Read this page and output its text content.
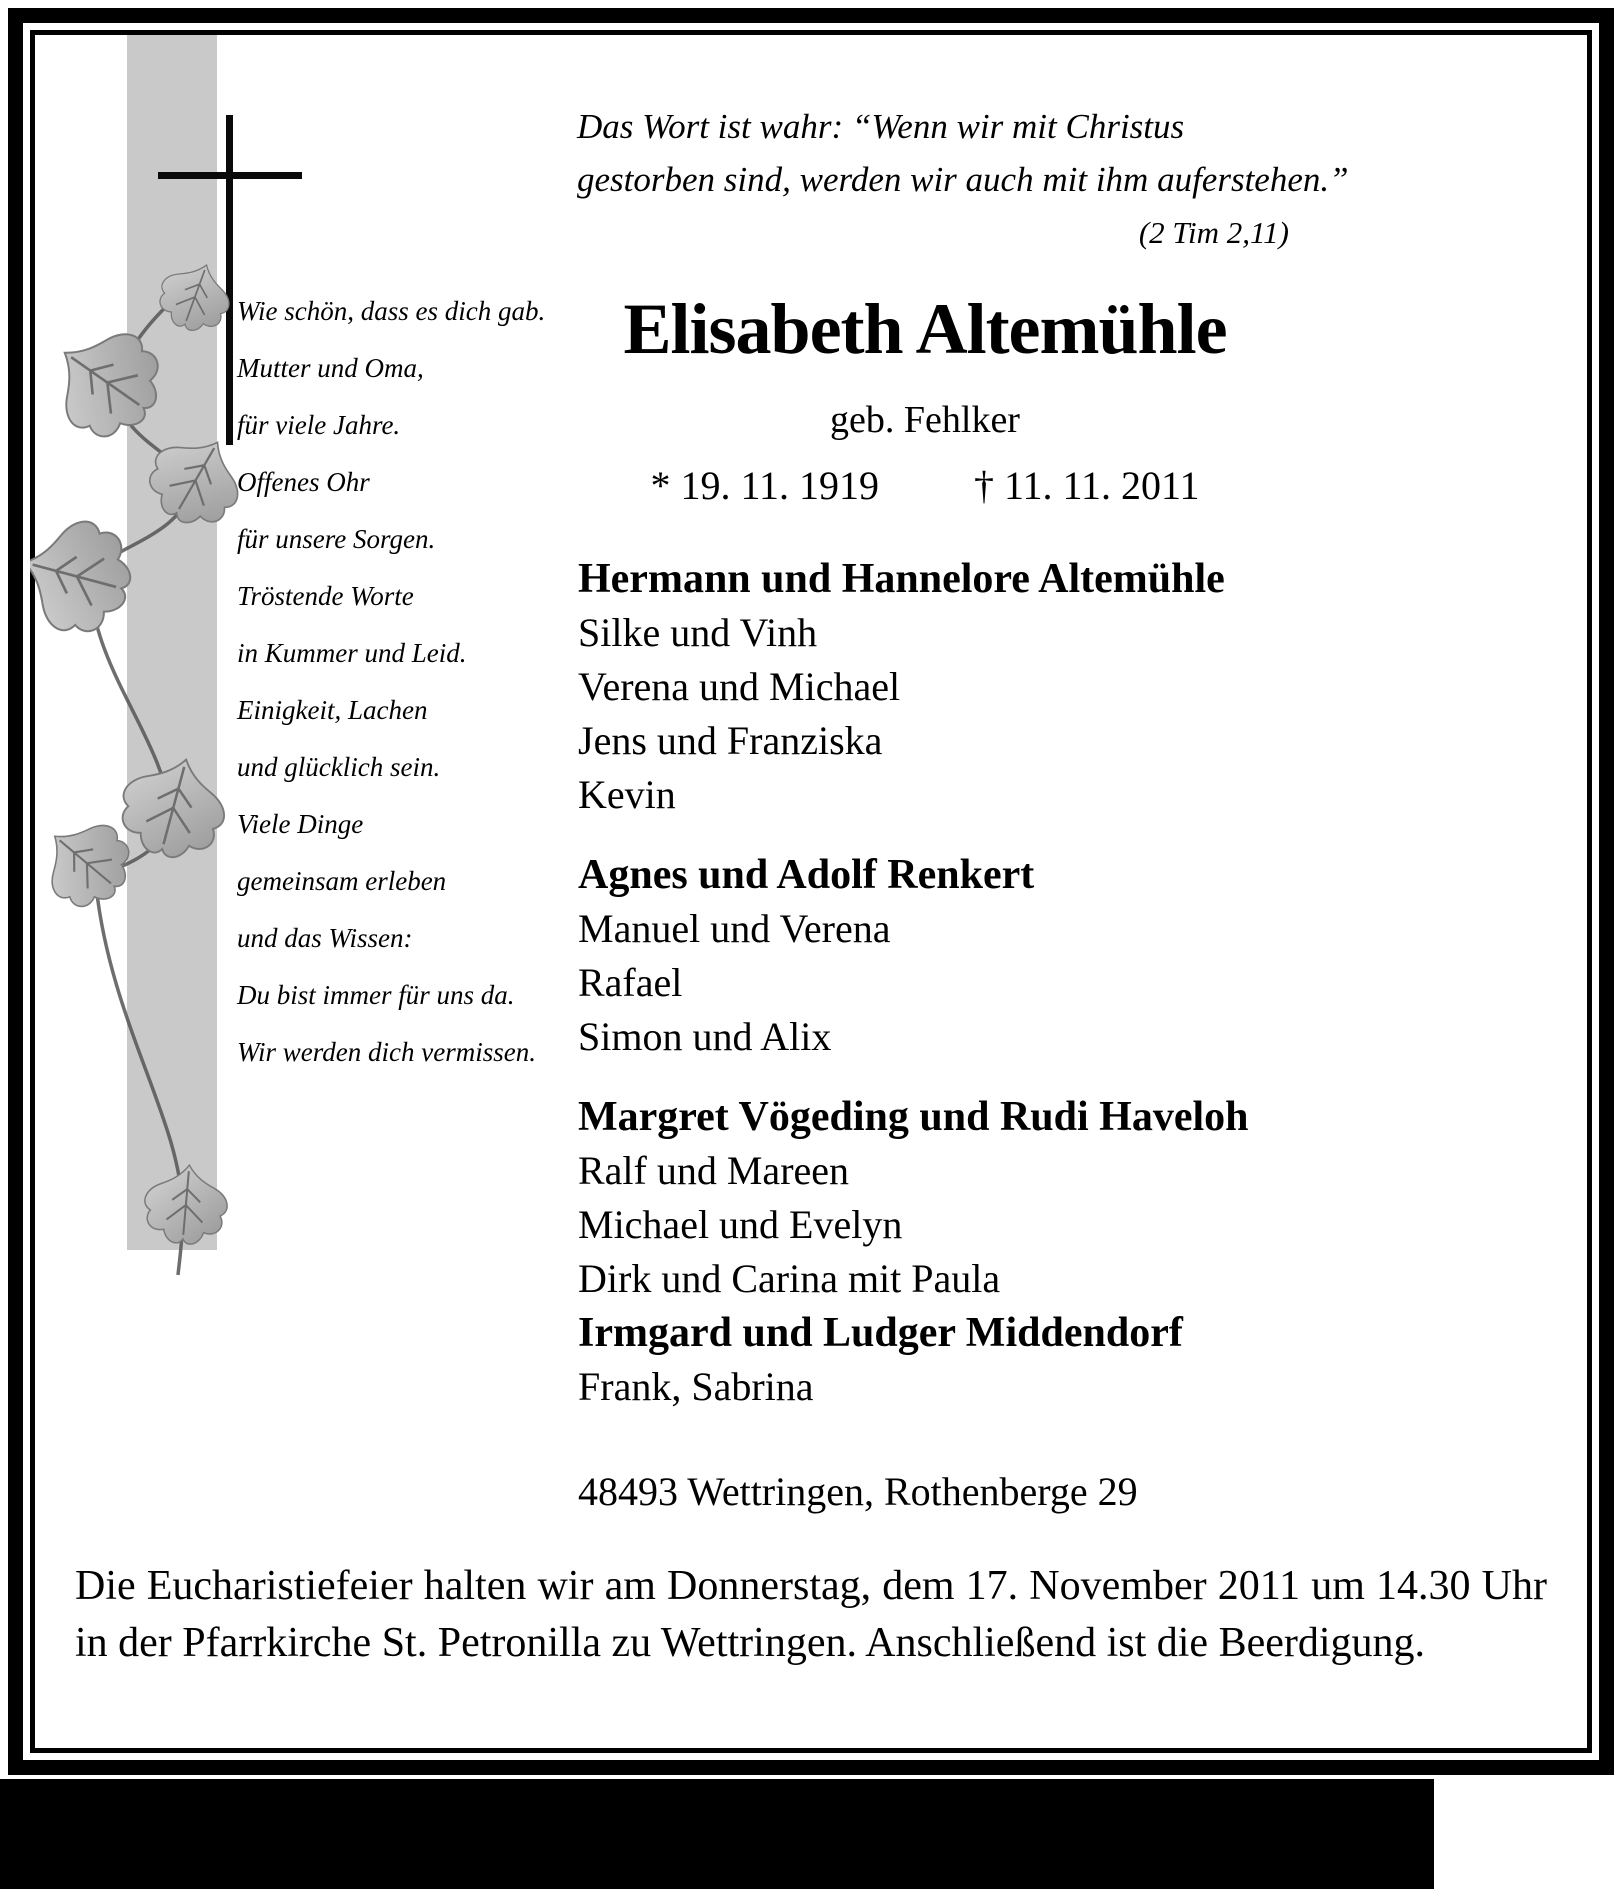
Das Wort ist wahr: “Wenn wir mit Christus
gestorben sind, werden wir auch mit ihm auferstehen.”
(2 Tim 2,11)
Wie schön, dass es dich gab.
Mutter und Oma,
für viele Jahre.
Offenes Ohr
für unsere Sorgen.
Tröstende Worte
in Kummer und Leid.
Einigkeit, Lachen
und glücklich sein.
Viele Dinge
gemeinsam erleben
und das Wissen:
Du bist immer für uns da.
Wir werden dich vermissen.
Elisabeth Altemühle
geb. Fehlker
* 19. 11. 1919 † 11. 11. 2011
Hermann und Hannelore Altemühle
Silke und Vinh
Verena und Michael
Jens und Franziska
Kevin
Agnes und Adolf Renkert
Manuel und Verena
Rafael
Simon und Alix
Margret Vögeding und Rudi Haveloh
Ralf und Mareen
Michael und Evelyn
Dirk und Carina mit Paula
Irmgard und Ludger Middendorf
Frank, Sabrina
48493 Wettringen, Rothenberge 29

Die Eucharistiefeier halten wir am Donnerstag, dem 17. November 2011 um 14.30 Uhr in der Pfarrkirche St. Petronilla zu Wettringen. Anschließend ist die Beerdigung.
